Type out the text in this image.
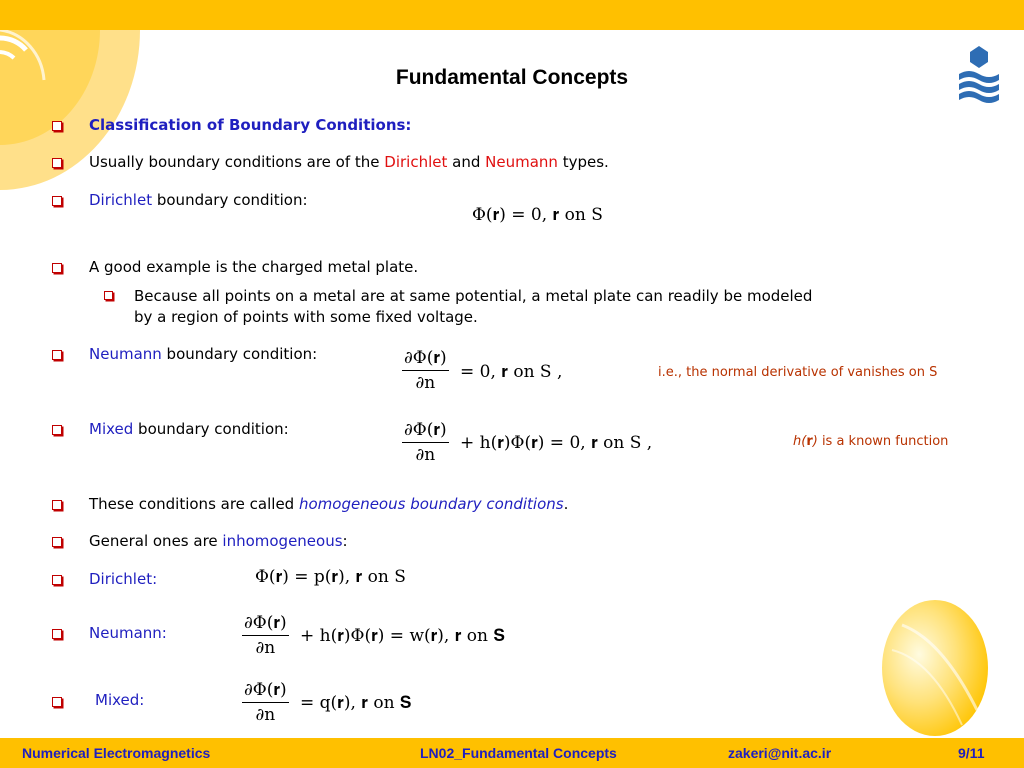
Fundamental Concepts
Classification of Boundary Conditions:
Usually boundary conditions are of the Dirichlet and Neumann types.
Dirichlet boundary condition:
Φ(𝐫) = 0, 𝐫 on S
A good example is the charged metal plate.
Because all points on a metal are at same potential, a metal plate can readily be modeled
by a region of points with some fixed voltage.
Neumann boundary condition:	∂Φ(𝐫)
∂n
= 0, 𝐫 on S ,	i.e., the normal derivative of vanishes on S
Mixed boundary condition:	∂Φ(𝐫)
∂n
+ h(𝐫)Φ(𝐫) = 0, 𝐫 on S ,	h(r) is a known function
These conditions are called homogeneous boundary conditions.
General ones are inhomogeneous:
Dirichlet:	Φ(𝐫) = p(𝐫), 𝐫 on S
Neumann:	∂Φ(𝐫)
∂n
+ h(𝐫)Φ(𝐫) = w(𝐫), 𝐫 on 𝐒
Mixed:	∂Φ(𝐫)
∂n
= q(𝐫), 𝐫 on 𝐒
Numerical Electromagnetics	LN02_Fundamental Concepts	zakeri@nit.ac.ir	9/11
